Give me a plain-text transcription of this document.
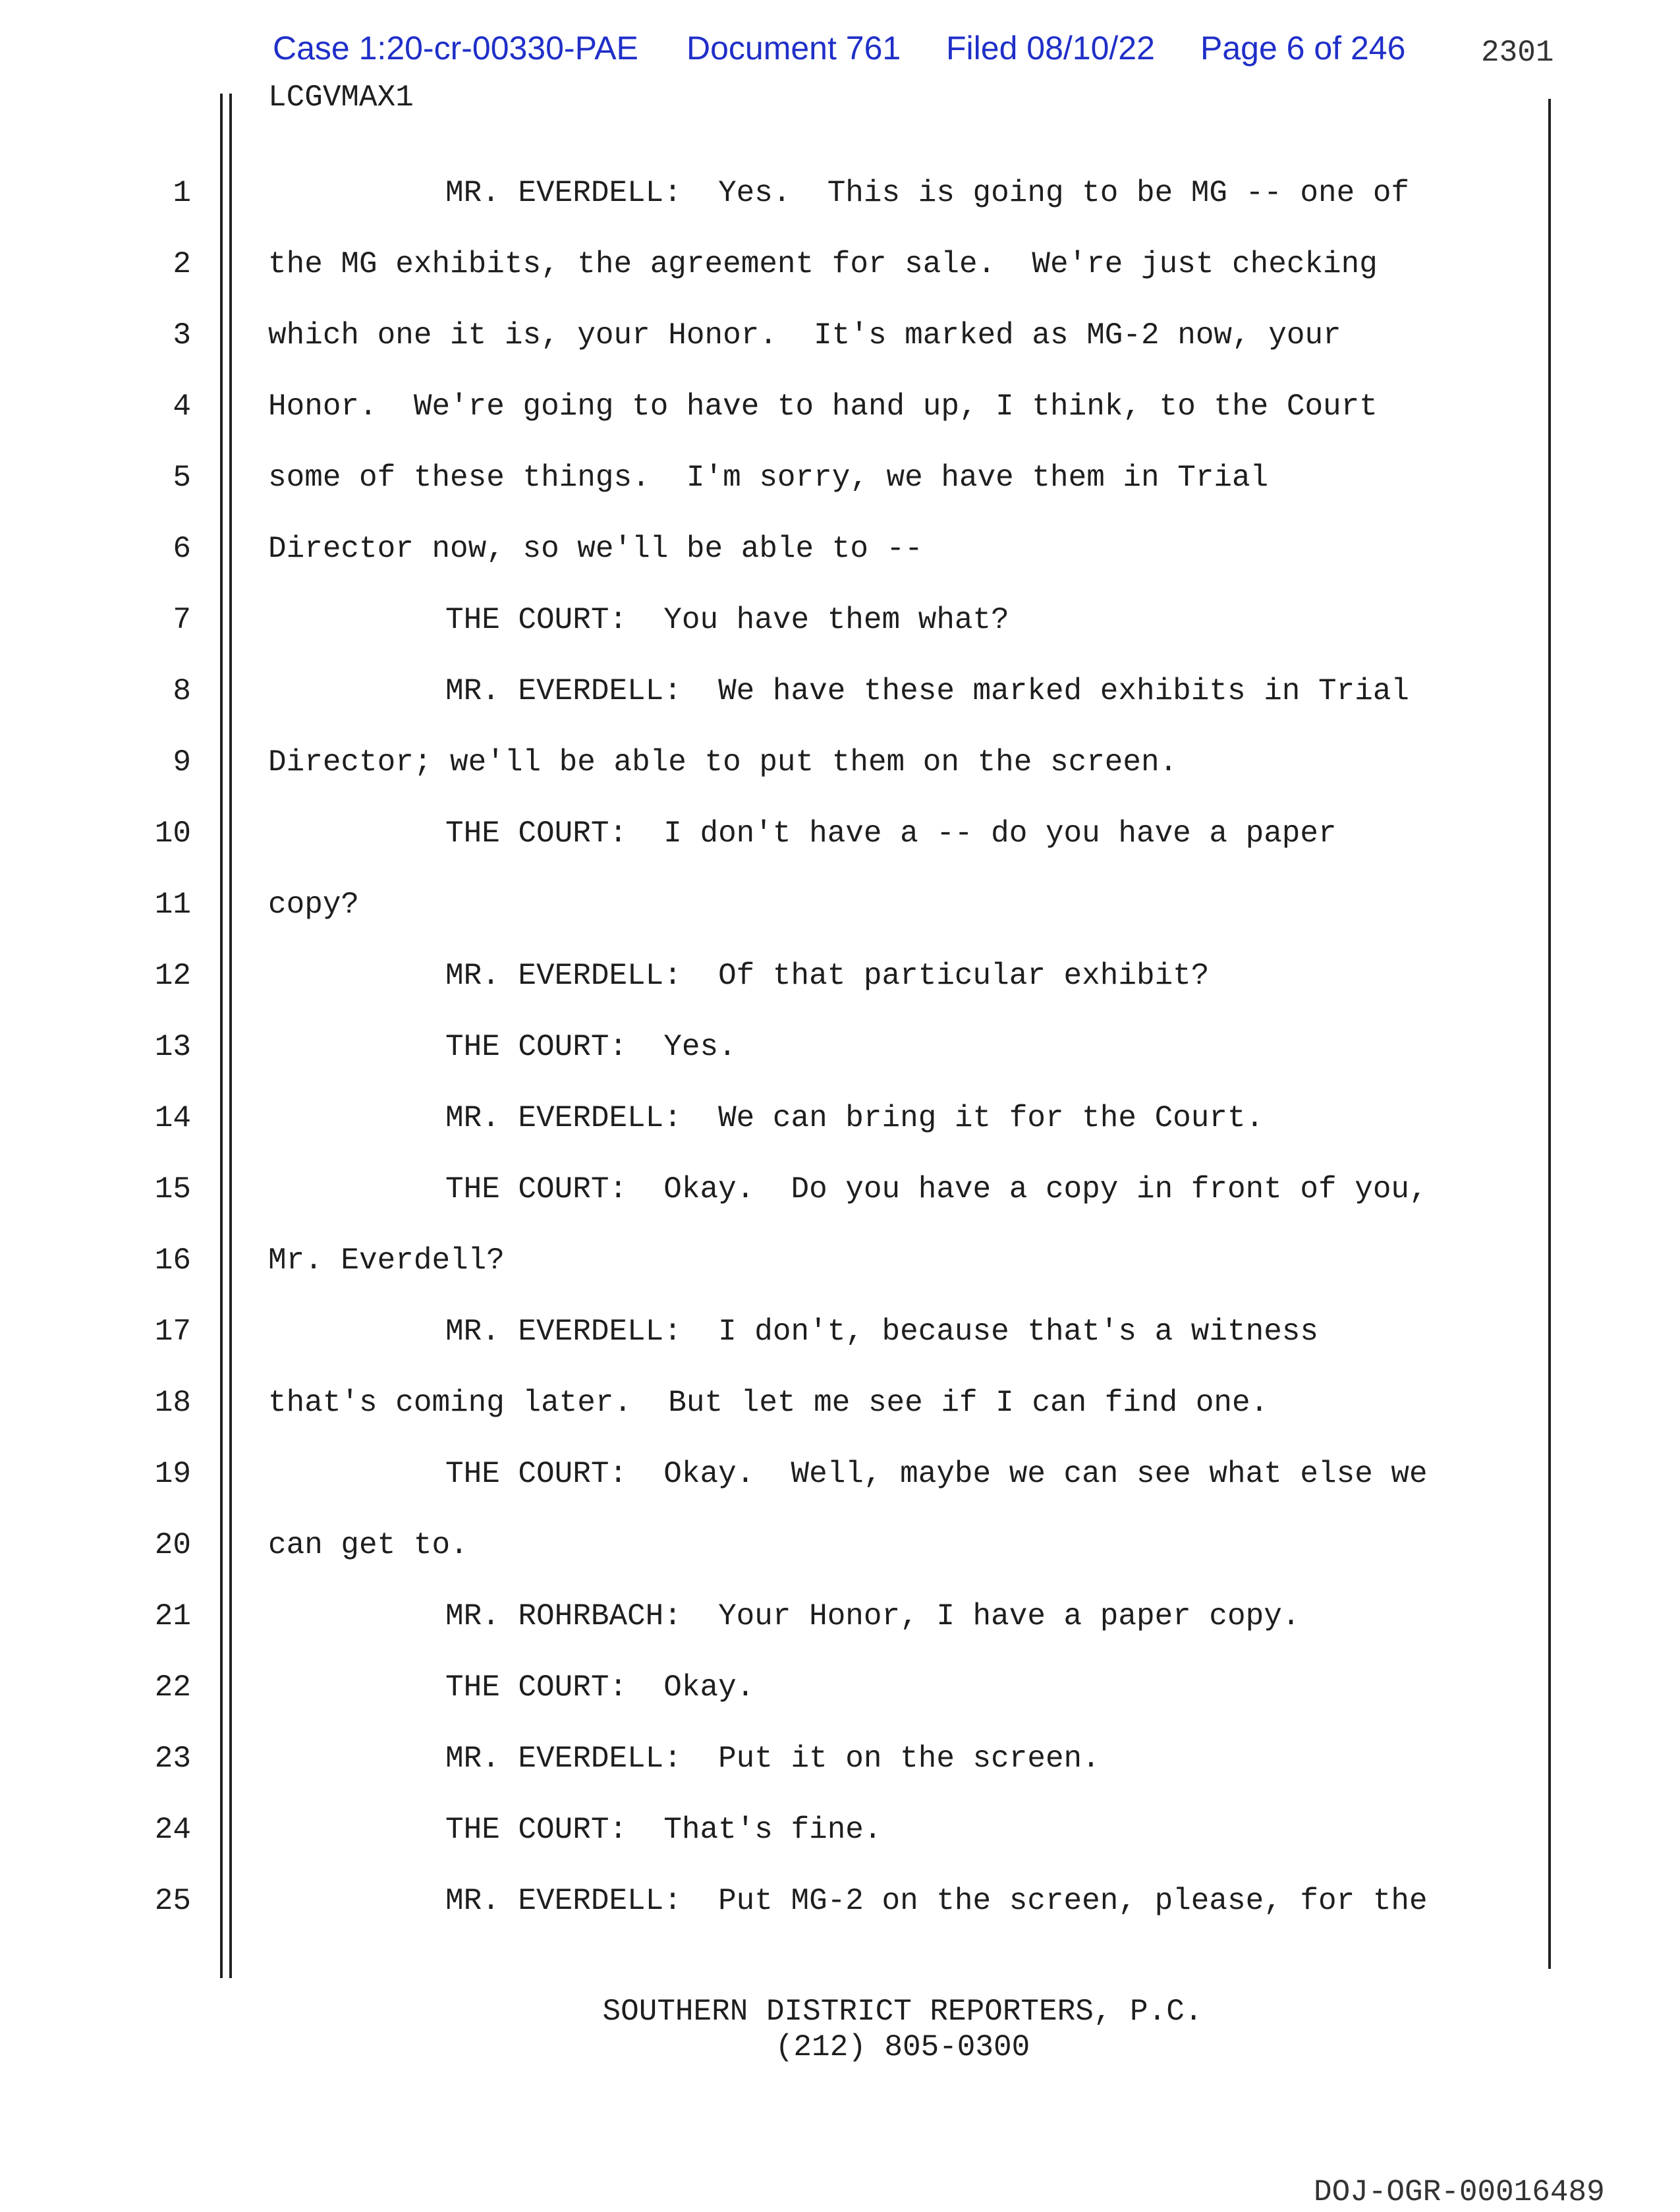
Case 1:20-cr-00330-PAE Document 761 Filed 08/10/22 Page 6 of 246 2301
LCGVMAX1
1	MR. EVERDELL:  Yes.  This is going to be MG -- one of
2	the MG exhibits, the agreement for sale.  We're just checking
3	which one it is, your Honor.  It's marked as MG-2 now, your
4	Honor.  We're going to have to hand up, I think, to the Court
5	some of these things.  I'm sorry, we have them in Trial
6	Director now, so we'll be able to --
7	THE COURT:  You have them what?
8	MR. EVERDELL:  We have these marked exhibits in Trial
9	Director; we'll be able to put them on the screen.
10	THE COURT:  I don't have a -- do you have a paper
11	copy?
12	MR. EVERDELL:  Of that particular exhibit?
13	THE COURT:  Yes.
14	MR. EVERDELL:  We can bring it for the Court.
15	THE COURT:  Okay.  Do you have a copy in front of you,
16	Mr. Everdell?
17	MR. EVERDELL:  I don't, because that's a witness
18	that's coming later.  But let me see if I can find one.
19	THE COURT:  Okay.  Well, maybe we can see what else we
20	can get to.
21	MR. ROHRBACH:  Your Honor, I have a paper copy.
22	THE COURT:  Okay.
23	MR. EVERDELL:  Put it on the screen.
24	THE COURT:  That's fine.
25	MR. EVERDELL:  Put MG-2 on the screen, please, for the
SOUTHERN DISTRICT REPORTERS, P.C.
(212) 805-0300
DOJ-OGR-00016489
